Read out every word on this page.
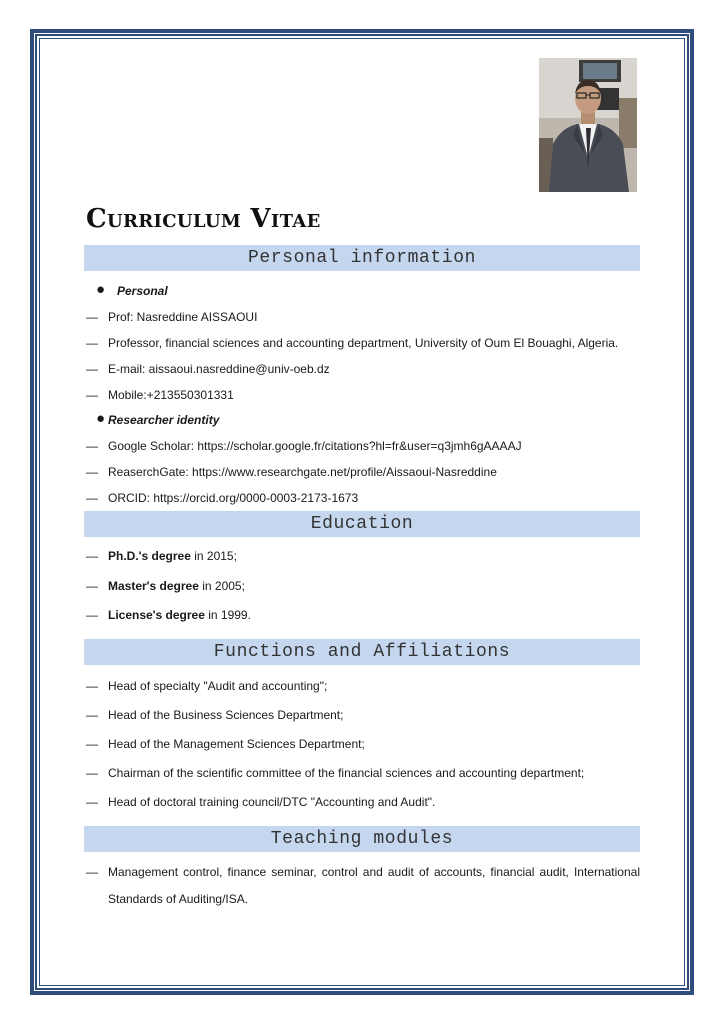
Curriculum Vitae
Personal information
● Personal
— Prof: Nasreddine AISSAOUI
— Professor, financial sciences and accounting department, University of Oum El Bouaghi, Algeria.
— E-mail: aissaoui.nasreddine@univ-oeb.dz
— Mobile:+213550301331
● Researcher identity
— Google Scholar: https://scholar.google.fr/citations?hl=fr&user=q3jmh6gAAAAJ
— ReaserchGate: https://www.researchgate.net/profile/Aissaoui-Nasreddine
— ORCID: https://orcid.org/0000-0003-2173-1673
Education
— Ph.D.'s degree in 2015;
— Master's degree in 2005;
— License's degree in 1999.
Functions and Affiliations
— Head of specialty "Audit and accounting";
— Head of the Business Sciences Department;
— Head of the Management Sciences Department;
— Chairman of the scientific committee of the financial sciences and accounting department;
— Head of doctoral training council/DTC "Accounting and Audit".
Teaching modules
— Management control, finance seminar, control and audit of accounts, financial audit, International
Standards of Auditing/ISA.
